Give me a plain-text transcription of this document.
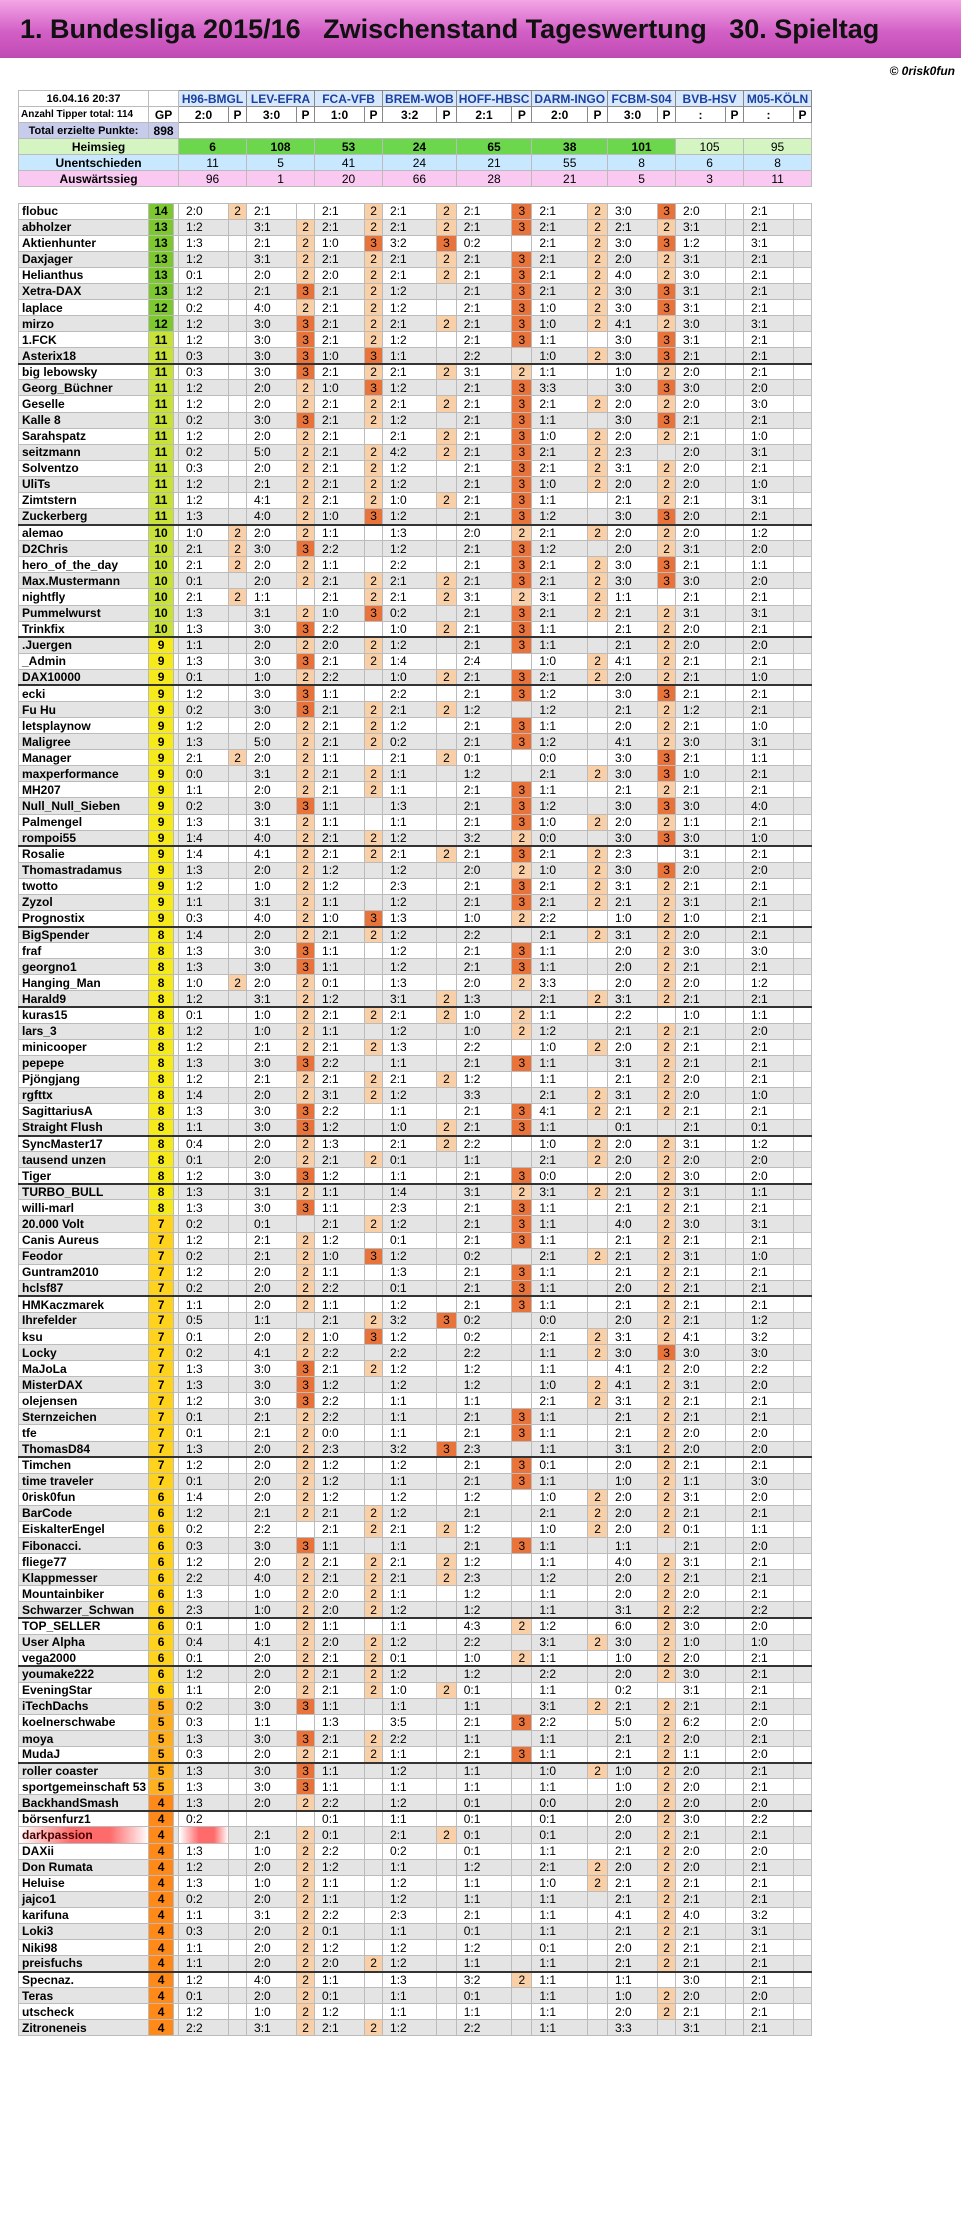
1. Bundesliga 2015/16   Zwischenstand Tageswertung   30. Spieltag
© 0risk0fun
16.04.16 20:37			H96-BMGL		LEV-EFRA		FCA-VFB		BREM-WOB		HOFF-HBSC		DARM-INGO		FCBM-S04		BVB-HSV		M05-KÖLN	
Anzahl Tipper total: 114	GP		2:0	P	3:0	P	1:0	P	3:2	P	2:1	P	2:0	P	3:0	P	:	P	:	P
Total erzielte Punkte:	898																			
Heimsieg			6		108		53		24		65		38		101		105		95	
Unentschieden			11		5		41		24		21		55		8		6		8	
Auswärtssieg			96		1		20		66		28		21		5		3		11	

flobuc	14		2:0	2	2:1		2:1	2	2:1	2	2:1	3	2:1	2	3:0	3	2:0		2:1	
abholzer	13		1:2		3:1	2	2:1	2	2:1	2	2:1	3	2:1	2	2:1	2	3:1		2:1	
Aktienhunter	13		1:3		2:1	2	1:0	3	3:2	3	0:2		2:1	2	3:0	3	1:2		3:1	
Daxjager	13		1:2		3:1	2	2:1	2	2:1	2	2:1	3	2:1	2	2:0	2	3:1		2:1	
Helianthus	13		0:1		2:0	2	2:0	2	2:1	2	2:1	3	2:1	2	4:0	2	3:0		2:1	
Xetra-DAX	13		1:2		2:1	3	2:1	2	1:2		2:1	3	2:1	2	3:0	3	3:1		2:1	
laplace	12		0:2		4:0	2	2:1	2	1:2		2:1	3	1:0	2	3:0	3	3:1		2:1	
mirzo	12		1:2		3:0	3	2:1	2	2:1	2	2:1	3	1:0	2	4:1	2	3:0		3:1	
1.FCK	11		1:2		3:0	3	2:1	2	1:2		2:1	3	1:1		3:0	3	3:1		2:1	
Asterix18	11		0:3		3:0	3	1:0	3	1:1		2:2		1:0	2	3:0	3	2:1		2:1	
big lebowsky	11		0:3		3:0	3	2:1	2	2:1	2	3:1	2	1:1		1:0	2	2:0		2:1	
Georg_Büchner	11		1:2		2:0	2	1:0	3	1:2		2:1	3	3:3		3:0	3	3:0		2:0	
Geselle	11		1:2		2:0	2	2:1	2	2:1	2	2:1	3	2:1	2	2:0	2	2:0		3:0	
Kalle 8	11		0:2		3:0	3	2:1	2	1:2		2:1	3	1:1		3:0	3	2:1		2:1	
Sarahspatz	11		1:2		2:0	2	2:1		2:1	2	2:1	3	1:0	2	2:0	2	2:1		1:0	
seitzmann	11		0:2		5:0	2	2:1	2	4:2	2	2:1	3	2:1	2	2:3		2:0		3:1	
Solventzo	11		0:3		2:0	2	2:1	2	1:2		2:1	3	2:1	2	3:1	2	2:0		2:1	
UliTs	11		1:2		2:1	2	2:1	2	1:2		2:1	3	1:0	2	2:0	2	2:0		1:0	
Zimtstern	11		1:2		4:1	2	2:1	2	1:0	2	2:1	3	1:1		2:1	2	2:1		3:1	
Zuckerberg	11		1:3		4:0	2	1:0	3	1:2		2:1	3	1:2		3:0	3	2:0		2:1	
alemao	10		1:0	2	2:0	2	1:1		1:3		2:0	2	2:1	2	2:0	2	2:0		1:2	
D2Chris	10		2:1	2	3:0	3	2:2		1:2		2:1	3	1:2		2:0	2	3:1		2:0	
hero_of_the_day	10		2:1	2	2:0	2	1:1		2:2		2:1	3	2:1	2	3:0	3	2:1		1:1	
Max.Mustermann	10		0:1		2:0	2	2:1	2	2:1	2	2:1	3	2:1	2	3:0	3	3:0		2:0	
nightfly	10		2:1	2	1:1		2:1	2	2:1	2	3:1	2	3:1	2	1:1		2:1		2:1	
Pummelwurst	10		1:3		3:1	2	1:0	3	0:2		2:1	3	2:1	2	2:1	2	3:1		3:1	
Trinkfix	10		1:3		3:0	3	2:2		1:0	2	2:1	3	1:1		2:1	2	2:0		2:1	
.Juergen	9		1:1		2:0	2	2:0	2	1:2		2:1	3	1:1		2:1	2	2:0		2:0	
_Admin	9		1:3		3:0	3	2:1	2	1:4		2:4		1:0	2	4:1	2	2:1		2:1	
DAX10000	9		0:1		1:0	2	2:2		1:0	2	2:1	3	2:1	2	2:0	2	2:1		1:0	
ecki	9		1:2		3:0	3	1:1		2:2		2:1	3	1:2		3:0	3	2:1		2:1	
Fu Hu	9		0:2		3:0	3	2:1	2	2:1	2	1:2		1:2		2:1	2	1:2		2:1	
letsplaynow	9		1:2		2:0	2	2:1	2	1:2		2:1	3	1:1		2:0	2	2:1		1:0	
Maligree	9		1:3		5:0	2	2:1	2	0:2		2:1	3	1:2		4:1	2	3:0		3:1	
Manager	9		2:1	2	2:0	2	1:1		2:1	2	0:1		0:0		3:0	3	2:1		1:1	
maxperformance	9		0:0		3:1	2	2:1	2	1:1		1:2		2:1	2	3:0	3	1:0		2:1	
MH207	9		1:1		2:0	2	2:1	2	1:1		2:1	3	1:1		2:1	2	2:1		2:1	
Null_Null_Sieben	9		0:2		3:0	3	1:1		1:3		2:1	3	1:2		3:0	3	3:0		4:0	
Palmengel	9		1:3		3:1	2	1:1		1:1		2:1	3	1:0	2	2:0	2	1:1		2:1	
rompoi55	9		1:4		4:0	2	2:1	2	1:2		3:2	2	0:0		3:0	3	3:0		1:0	
Rosalie	9		1:4		4:1	2	2:1	2	2:1	2	2:1	3	2:1	2	2:3		3:1		2:1	
Thomastradamus	9		1:3		2:0	2	1:2		1:2		2:0	2	1:0	2	3:0	3	2:0		2:0	
twotto	9		1:2		1:0	2	1:2		2:3		2:1	3	2:1	2	3:1	2	2:1		2:1	
Zyzol	9		1:1		3:1	2	1:1		1:2		2:1	3	2:1	2	2:1	2	3:1		2:1	
Prognostix	9		0:3		4:0	2	1:0	3	1:3		1:0	2	2:2		1:0	2	1:0		2:1	
BigSpender	8		1:4		2:0	2	2:1	2	1:2		2:2		2:1	2	3:1	2	2:0		2:1	
fraf	8		1:3		3:0	3	1:1		1:2		2:1	3	1:1		2:0	2	3:0		3:0	
georgno1	8		1:3		3:0	3	1:1		1:2		2:1	3	1:1		2:0	2	2:1		2:1	
Hanging_Man	8		1:0	2	2:0	2	0:1		1:3		2:0	2	3:3		2:0	2	2:0		1:2	
Harald9	8		1:2		3:1	2	1:2		3:1	2	1:3		2:1	2	3:1	2	2:1		2:1	
kuras15	8		0:1		1:0	2	2:1	2	2:1	2	1:0	2	1:1		2:2		1:0		1:1	
lars_3	8		1:2		1:0	2	1:1		1:2		1:0	2	1:2		2:1	2	2:1		2:0	
minicooper	8		1:2		2:1	2	2:1	2	1:3		2:2		1:0	2	2:0	2	2:1		2:1	
pepepe	8		1:3		3:0	3	2:2		1:1		2:1	3	1:1		3:1	2	2:1		2:1	
Pjöngjang	8		1:2		2:1	2	2:1	2	2:1	2	1:2		1:1		2:1	2	2:0		2:1	
rgfttx	8		1:4		2:0	2	3:1	2	1:2		3:3		2:1	2	3:1	2	2:0		1:0	
SagittariusA	8		1:3		3:0	3	2:2		1:1		2:1	3	4:1	2	2:1	2	2:1		2:1	
Straight Flush	8		1:1		3:0	3	1:2		1:0	2	2:1	3	1:1		0:1		2:1		0:1	
SyncMaster17	8		0:4		2:0	2	1:3		2:1	2	2:2		1:0	2	2:0	2	3:1		1:2	
tausend unzen	8		0:1		2:0	2	2:1	2	0:1		1:1		2:1	2	2:0	2	2:0		2:0	
Tiger	8		1:2		3:0	3	1:2		1:1		2:1	3	0:0		2:0	2	3:0		2:0	
TURBO_BULL	8		1:3		3:1	2	1:1		1:4		3:1	2	3:1	2	2:1	2	3:1		1:1	
willi-marl	8		1:3		3:0	3	1:1		2:3		2:1	3	1:1		2:1	2	2:1		2:1	
20.000 Volt	7		0:2		0:1		2:1	2	1:2		2:1	3	1:1		4:0	2	3:0		3:1	
Canis Aureus	7		1:2		2:1	2	1:2		0:1		2:1	3	1:1		2:1	2	2:1		2:1	
Feodor	7		0:2		2:1	2	1:0	3	1:2		0:2		2:1	2	2:1	2	3:1		1:0	
Guntram2010	7		1:2		2:0	2	1:1		1:3		2:1	3	1:1		2:1	2	2:1		2:1	
hclsf87	7		0:2		2:0	2	2:2		0:1		2:1	3	1:1		2:0	2	2:1		2:1	
HMKaczmarek	7		1:1		2:0	2	1:1		1:2		2:1	3	1:1		2:1	2	2:1		2:1	
Ihrefelder	7		0:5		1:1		2:1	2	3:2	3	0:2		0:0		2:0	2	2:1		1:2	
ksu	7		0:1		2:0	2	1:0	3	1:2		0:2		2:1	2	3:1	2	4:1		3:2	
Locky	7		0:2		4:1	2	2:2		2:2		2:2		1:1	2	3:0	3	3:0		3:0	
MaJoLa	7		1:3		3:0	3	2:1	2	1:2		1:2		1:1		4:1	2	2:0		2:2	
MisterDAX	7		1:3		3:0	3	1:2		1:2		1:2		1:0	2	4:1	2	3:1		2:0	
olejensen	7		1:2		3:0	3	2:2		1:1		1:1		2:1	2	3:1	2	2:1		2:1	
Sternzeichen	7		0:1		2:1	2	2:2		1:1		2:1	3	1:1		2:1	2	2:1		2:1	
tfe	7		0:1		2:1	2	0:0		1:1		2:1	3	1:1		2:1	2	2:0		2:0	
ThomasD84	7		1:3		2:0	2	2:3		3:2	3	2:3		1:1		3:1	2	2:0		2:0	
Timchen	7		1:2		2:0	2	1:2		1:2		2:1	3	0:1		2:0	2	2:1		2:1	
time traveler	7		0:1		2:0	2	1:2		1:1		2:1	3	1:1		1:0	2	1:1		3:0	
0risk0fun	6		1:4		2:0	2	1:2		1:2		1:2		1:0	2	2:0	2	3:1		2:0	
BarCode	6		1:2		2:1	2	2:1	2	1:2		2:1		2:1	2	2:0	2	2:1		2:1	
EiskalterEngel	6		0:2		2:2		2:1	2	2:1	2	1:2		1:0	2	2:0	2	0:1		1:1	
Fibonacci.	6		0:3		3:0	3	1:1		1:1		2:1	3	1:1		1:1		2:1		2:0	
fliege77	6		1:2		2:0	2	2:1	2	2:1	2	1:2		1:1		4:0	2	3:1		2:1	
Klappmesser	6		2:2		4:0	2	2:1	2	2:1	2	2:3		1:2		2:0	2	2:1		2:1	
Mountainbiker	6		1:3		1:0	2	2:0	2	1:1		1:2		1:1		2:0	2	2:0		2:1	
Schwarzer_Schwan	6		2:3		1:0	2	2:0	2	1:2		1:2		1:1		3:1	2	2:2		2:2	
TOP_SELLER	6		0:1		1:0	2	1:1		1:1		4:3	2	1:2		6:0	2	3:0		2:0	
User Alpha	6		0:4		4:1	2	2:0	2	1:2		2:2		3:1	2	3:0	2	1:0		1:0	
vega2000	6		0:1		2:0	2	2:1	2	0:1		1:0	2	1:1		1:0	2	2:0		2:1	
youmake222	6		1:2		2:0	2	2:1	2	1:2		1:2		2:2		2:0	2	3:0		2:1	
EveningStar	6		1:1		2:0	2	2:1	2	1:0	2	0:1		1:1		0:2		3:1		2:1	
iTechDachs	5		0:2		3:0	3	1:1		1:1		1:1		3:1	2	2:1	2	2:1		2:1	
koelnerschwabe	5		0:3		1:1		1:3		3:5		2:1	3	2:2		5:0	2	6:2		2:0	
moya	5		1:3		3:0	3	2:1	2	2:2		1:1		1:1		2:1	2	2:0		2:1	
MudaJ	5		0:3		2:0	2	2:1	2	1:1		2:1	3	1:1		2:1	2	1:1		2:0	
roller coaster	5		1:3		3:0	3	1:1		1:2		1:1		1:0	2	1:0	2	2:0		2:1	
sportgemeinschaft 53	5		1:3		3:0	3	1:1		1:1		1:1		1:1		1:0	2	2:0		2:1	
BackhandSmash	4		1:3		2:0	2	2:2		1:2		0:1		0:0		2:0	2	2:0		2:0	
börsenfurz1	4		0:2				0:1		1:1		0:1		0:1		2:0	2	3:0		2:2	
darkpassion	4				2:1	2	0:1		2:1	2	0:1		0:1		2:0	2	2:1		2:1	
DAXii	4		1:3		1:0	2	2:2		0:2		0:1		1:1		2:1	2	2:0		2:0	
Don Rumata	4		1:2		2:0	2	1:2		1:1		1:2		2:1	2	2:0	2	2:0		2:1	
Heluise	4		1:3		1:0	2	1:1		1:2		1:1		1:0	2	2:1	2	2:1		2:1	
jajco1	4		0:2		2:0	2	1:1		1:2		1:1		1:1		2:1	2	2:1		2:1	
karifuna	4		1:1		3:1	2	2:2		2:3		2:1		1:1		4:1	2	4:0		3:2	
Loki3	4		0:3		2:0	2	0:1		1:1		0:1		1:1		2:1	2	2:1		3:1	
Niki98	4		1:1		2:0	2	1:2		1:2		1:2		0:1		2:0	2	2:1		2:1	
preisfuchs	4		1:1		2:0	2	2:0	2	1:2		1:1		1:1		2:1	2	2:1		2:1	
Specnaz.	4		1:2		4:0	2	1:1		1:3		3:2	2	1:1		1:1		3:0		2:1	
Teras	4		0:1		2:0	2	0:1		1:1		0:1		1:1		1:0	2	2:0		2:0	
utscheck	4		1:2		1:0	2	1:2		1:1		1:1		1:1		2:0	2	2:1		2:1	
Zitroneneis	4		2:2		3:1	2	2:1	2	1:2		2:2		1:1		3:3		3:1		2:1	
